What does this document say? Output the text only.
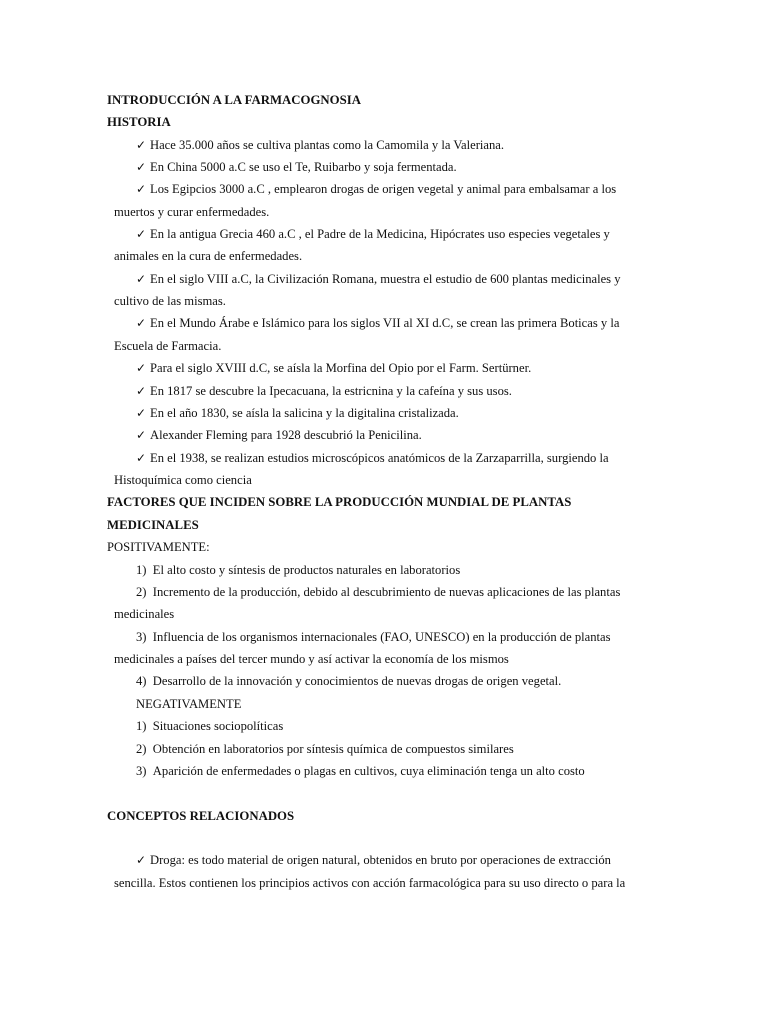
INTRODUCCIÓN A LA FARMACOGNOSIA
HISTORIA
✓ Hace 35.000 años se cultiva plantas como la Camomila y la Valeriana.
✓ En China 5000 a.C se uso el Te, Ruibarbo y soja fermentada.
✓ Los Egipcios 3000 a.C , emplearon drogas de origen vegetal y animal para embalsamar a los
muertos y curar enfermedades.
✓ En la antigua Grecia 460 a.C , el Padre de la Medicina, Hipócrates uso especies vegetales y
animales en la cura de enfermedades.
✓ En el siglo VIII a.C, la Civilización Romana, muestra el estudio de 600 plantas medicinales y
cultivo de las mismas.
✓ En el Mundo Árabe e Islámico para los siglos VII al XI d.C, se crean las primera Boticas y la
Escuela de Farmacia.
✓ Para el siglo XVIII d.C, se aísla la Morfina del Opio por el Farm. Sertürner.
✓ En 1817 se descubre la Ipecacuana, la estricnina y la cafeína y sus usos.
✓ En el año 1830, se aísla la salicina y la digitalina cristalizada.
✓ Alexander Fleming para 1928 descubrió la Penicilina.
✓ En el 1938, se realizan estudios microscópicos anatómicos de la Zarzaparrilla, surgiendo la
Histoquímica como ciencia
FACTORES QUE INCIDEN SOBRE LA PRODUCCIÓN MUNDIAL DE PLANTAS
MEDICINALES
POSITIVAMENTE:
1) El alto costo y síntesis de productos naturales en laboratorios
2) Incremento de la producción, debido al descubrimiento de nuevas aplicaciones de las plantas
medicinales
3) Influencia de los organismos internacionales (FAO, UNESCO) en la producción de plantas
medicinales a países del tercer mundo y así activar la economía de los mismos
4) Desarrollo de la innovación y conocimientos de nuevas drogas de origen vegetal.
NEGATIVAMENTE
1) Situaciones sociopolíticas
2) Obtención en laboratorios por síntesis química de compuestos similares
3) Aparición de enfermedades o plagas en cultivos, cuya eliminación tenga un alto costo
CONCEPTOS RELACIONADOS
✓ Droga: es todo material de origen natural, obtenidos en bruto por operaciones de extracción
sencilla. Estos contienen los principios activos con acción farmacológica para su uso directo o para la
